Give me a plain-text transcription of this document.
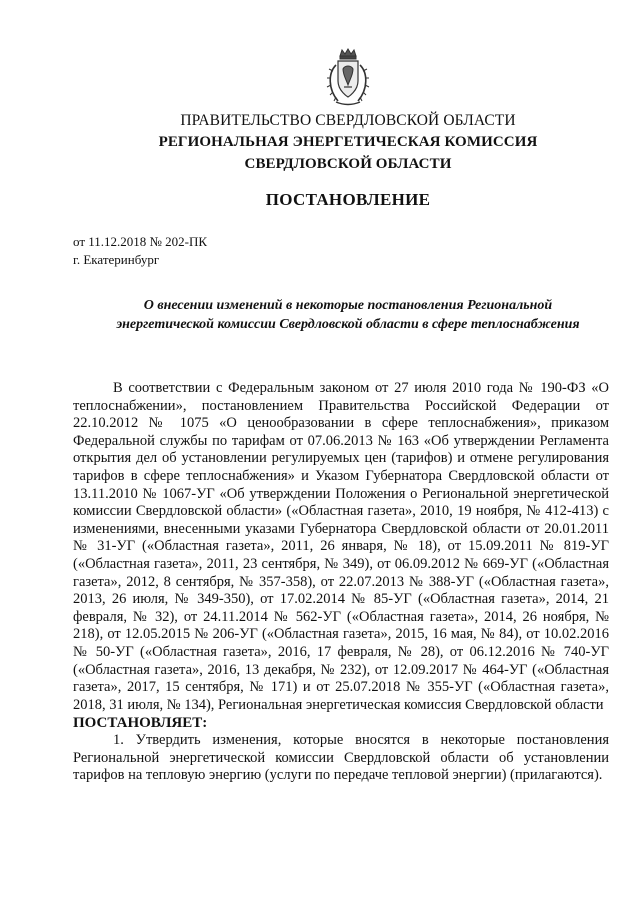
ПРАВИТЕЛЬСТВО СВЕРДЛОВСКОЙ ОБЛАСТИ
РЕГИОНАЛЬНАЯ ЭНЕРГЕТИЧЕСКАЯ КОМИССИЯ
СВЕРДЛОВСКОЙ ОБЛАСТИ
ПОСТАНОВЛЕНИЕ
от 11.12.2018 № 202-ПК
г. Екатеринбург
О внесении изменений в некоторые постановления Региональной энергетической комиссии Свердловской области в сфере теплоснабжения

В соответствии с Федеральным законом от 27 июля 2010 года № 190-ФЗ «О теплоснабжении», постановлением Правительства Российской Федерации от 22.10.2012 № 1075 «О ценообразовании в сфере теплоснабжения», приказом Федеральной службы по тарифам от 07.06.2013 № 163 «Об утверждении Регламента открытия дел об установлении регулируемых цен (тарифов) и отмене регулирования тарифов в сфере теплоснабжения» и Указом Губернатора Свердловской области от 13.11.2010 № 1067-УГ «Об утверждении Положения о Региональной энергетической комиссии Свердловской области» («Областная газета», 2010, 19 ноября, № 412-413) с изменениями, внесенными указами Губернатора Свердловской области от 20.01.2011 № 31-УГ («Областная газета», 2011, 26 января, № 18), от 15.09.2011 № 819-УГ («Областная газета», 2011, 23 сентября, № 349), от 06.09.2012 № 669-УГ («Областная газета», 2012, 8 сентября, № 357-358), от 22.07.2013 № 388-УГ («Областная газета», 2013, 26 июля, № 349-350), от 17.02.2014 № 85-УГ («Областная газета», 2014, 21 февраля, № 32), от 24.11.2014 № 562-УГ («Областная газета», 2014, 26 ноября, № 218), от 12.05.2015 № 206-УГ («Областная газета», 2015, 16 мая, № 84), от 10.02.2016 № 50-УГ («Областная газета», 2016, 17 февраля, № 28), от 06.12.2016 № 740-УГ («Областная газета», 2016, 13 декабря, № 232), от 12.09.2017 № 464-УГ («Областная газета», 2017, 15 сентября, № 171) и от 25.07.2018 № 355-УГ («Областная газета», 2018, 31 июля, № 134), Региональная энергетическая комиссия Свердловской области

ПОСТАНОВЛЯЕТ:

1. Утвердить изменения, которые вносятся в некоторые постановления Региональной энергетической комиссии Свердловской области об установлении тарифов на тепловую энергию (услуги по передаче тепловой энергии) (прилагаются).
